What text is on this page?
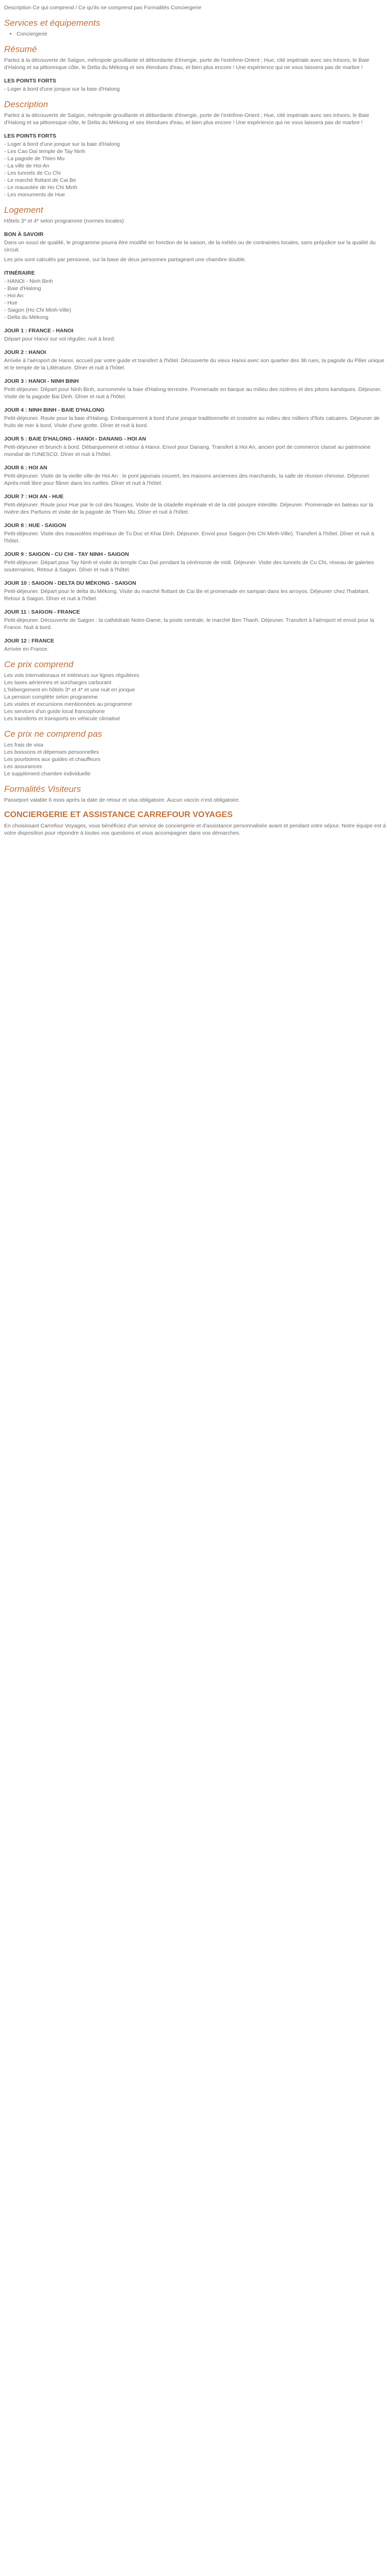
Description Ce qui comprend / Ce qu'ils ne comprend pas Formalités Conciergerie
Services et équipements
• Conciergerie
Résumé

Partez à la découverte de Saïgon, métropole grouillante et débordante d'énergie, porte de l'extrême-Orient ; Hue, cité impériale avec ses trésors, le Baie d'Halong et sa pittoresque côte, le Delta du Mékong et ses étendues d'eau, et bien plus encore ! Une expérience qui ne vous laissera pas de marbre !

LES POINTS FORTS
- Loger à bord d'une jonque sur la baie d'Halong
Description

Partez à la découverte de Saïgon, métropole grouillante et débordante d'énergie, porte de l'extrême-Orient ; Hue, cité impériale avec ses trésors, le Baie d'Halong et sa pittoresque côte, le Delta du Mékong et ses étendues d'eau, et bien plus encore ! Une expérience qui ne vous laissera pas de marbre !

LES POINTS FORTS
- Loger à bord d'une jonque sur la baie d'Halong
- Les Cao Daï temple de Tay Ninh
- La pagode de Thien Mu
- La ville de Hoi An
- Les tunnels de Cu Chi
- Le marché flottant de Cai Be
- Le mausolée de Ho Chi Minh
- Les monuments de Hue
Logement

Hôtels 3* et 4* selon programme (normes locales)

BON À SAVOIR

Dans un souci de qualité, le programme pourra être modifié en fonction de la saison, de la météo ou de contraintes locales, sans préjudice sur la qualité du circuit.

Les prix sont calculés par personne, sur la base de deux personnes partageant une chambre double.

ITINÉRAIRE
- HANOI - Ninh Binh
- Baie d'Halong
- Hoi An
- Hue
- Saigon (Ho Chi Minh-Ville)
- Delta du Mékong
JOUR 1 : FRANCE - HANOI

Départ pour Hanoi sur vol régulier, nuit à bord.

JOUR 2 : HANOI

Arrivée à l'aéroport de Hanoi, accueil par votre guide et transfert à l'hôtel. Découverte du vieux Hanoi avec son quartier des 36 rues, la pagode du Pilier unique et le temple de la Littérature. Dîner et nuit à l'hôtel.

JOUR 3 : HANOI - NINH BINH

Petit-déjeuner. Départ pour Ninh Binh, surnommée la baie d'Halong terrestre. Promenade en barque au milieu des rizières et des pitons karstiques. Déjeuner. Visite de la pagode Bai Dinh. Dîner et nuit à l'hôtel.

JOUR 4 : NINH BINH - BAIE D'HALONG

Petit-déjeuner. Route pour la baie d'Halong. Embarquement à bord d'une jonque traditionnelle et croisière au milieu des milliers d'îlots calcaires. Déjeuner de fruits de mer à bord. Visite d'une grotte. Dîner et nuit à bord.

JOUR 5 : BAIE D'HALONG - HANOI - DANANG - HOI AN

Petit-déjeuner et brunch à bord. Débarquement et retour à Hanoi. Envol pour Danang. Transfert à Hoi An, ancien port de commerce classé au patrimoine mondial de l'UNESCO. Dîner et nuit à l'hôtel.

JOUR 6 : HOI AN

Petit-déjeuner. Visite de la vieille ville de Hoi An : le pont japonais couvert, les maisons anciennes des marchands, la salle de réunion chinoise. Déjeuner. Après-midi libre pour flâner dans les ruelles. Dîner et nuit à l'hôtel.

JOUR 7 : HOI AN - HUE

Petit-déjeuner. Route pour Hue par le col des Nuages. Visite de la citadelle impériale et de la cité pourpre interdite. Déjeuner. Promenade en bateau sur la rivière des Parfums et visite de la pagode de Thien Mu. Dîner et nuit à l'hôtel.

JOUR 8 : HUE - SAIGON

Petit-déjeuner. Visite des mausolées impériaux de Tu Duc et Khai Dinh. Déjeuner. Envol pour Saigon (Ho Chi Minh-Ville). Transfert à l'hôtel. Dîner et nuit à l'hôtel.

JOUR 9 : SAIGON - CU CHI - TAY NINH - SAIGON

Petit-déjeuner. Départ pour Tay Ninh et visite du temple Cao Daï pendant la cérémonie de midi. Déjeuner. Visite des tunnels de Cu Chi, réseau de galeries souterraines. Retour à Saigon. Dîner et nuit à l'hôtel.

JOUR 10 : SAIGON - DELTA DU MÉKONG - SAIGON

Petit-déjeuner. Départ pour le delta du Mékong. Visite du marché flottant de Cai Be et promenade en sampan dans les arroyos. Déjeuner chez l'habitant. Retour à Saigon. Dîner et nuit à l'hôtel.

JOUR 11 : SAIGON - FRANCE

Petit-déjeuner. Découverte de Saigon : la cathédrale Notre-Dame, la poste centrale, le marché Ben Thanh. Déjeuner. Transfert à l'aéroport et envol pour la France. Nuit à bord.

JOUR 12 : FRANCE

Arrivée en France.

Ce prix comprend
Les vols internationaux et intérieurs sur lignes régulières
Les taxes aériennes et surcharges carburant
L'hébergement en hôtels 3* et 4* et une nuit en jonque
La pension complète selon programme
Les visites et excursions mentionnées au programme
Les services d'un guide local francophone
Les transferts et transports en véhicule climatisé
Ce prix ne comprend pas
Les frais de visa
Les boissons et dépenses personnelles
Les pourboires aux guides et chauffeurs
Les assurances
Le supplément chambre individuelle
Formalités Visiteurs

Passeport valable 6 mois après la date de retour et visa obligatoire. Aucun vaccin n'est obligatoire.

CONCIERGERIE ET ASSISTANCE CARREFOUR VOYAGES

En choisissant Carrefour Voyages, vous bénéficiez d'un service de conciergerie et d'assistance personnalisée avant et pendant votre séjour. Notre équipe est à votre disposition pour répondre à toutes vos questions et vous accompagner dans vos démarches.
